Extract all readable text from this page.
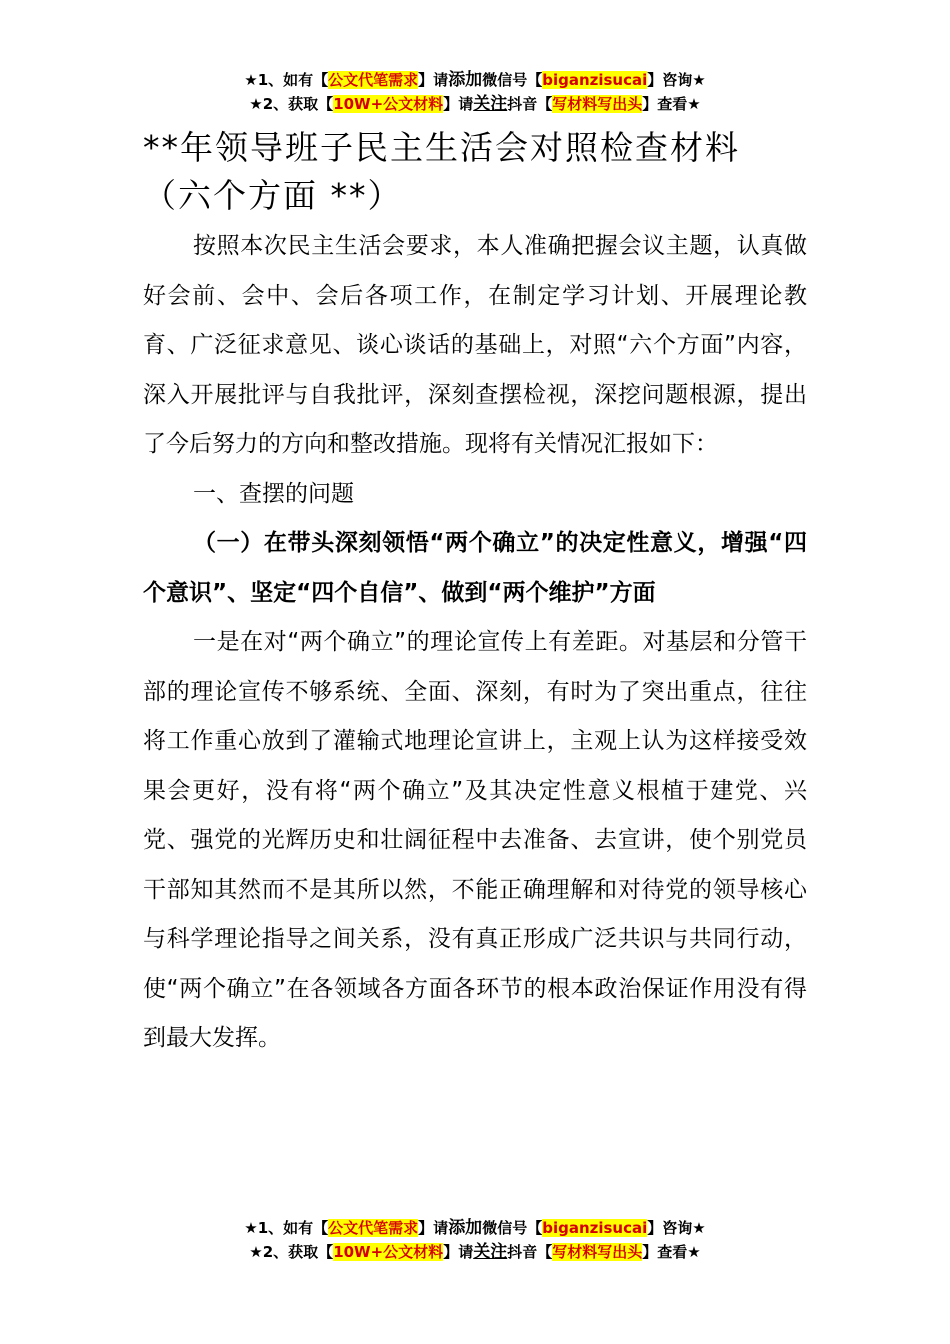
★1、如有【公文代笔需求】请添加微信号【biganzisucai】咨询★
★2、获取【10W+公文材料】请关注抖音【写材料写出头】查看★
**年领导班子民主生活会对照检查材料
（六个方面 **）

按照本次民主生活会要求，本人准确把握会议主题，认真做好会前、会中、会后各项工作，在制定学习计划、开展理论教育、广泛征求意见、谈心谈话的基础上，对照“六个方面”内容，深入开展批评与自我批评，深刻查摆检视，深挖问题根源，提出了今后努力的方向和整改措施。现将有关情况汇报如下：

一、查摆的问题

（一）在带头深刻领悟“两个确立”的决定性意义，增强“四个意识”、坚定“四个自信”、做到“两个维护”方面

一是在对“两个确立”的理论宣传上有差距。对基层和分管干部的理论宣传不够系统、全面、深刻，有时为了突出重点，往往将工作重心放到了灌输式地理论宣讲上，主观上认为这样接受效果会更好，没有将“两个确立”及其决定性意义根植于建党、兴党、强党的光辉历史和壮阔征程中去准备、去宣讲，使个别党员干部知其然而不是其所以然，不能正确理解和对待党的领导核心与科学理论指导之间关系，没有真正形成广泛共识与共同行动，使“两个确立”在各领域各方面各环节的根本政治保证作用没有得到最大发挥。

★1、如有【公文代笔需求】请添加微信号【biganzisucai】咨询★
★2、获取【10W+公文材料】请关注抖音【写材料写出头】查看★
